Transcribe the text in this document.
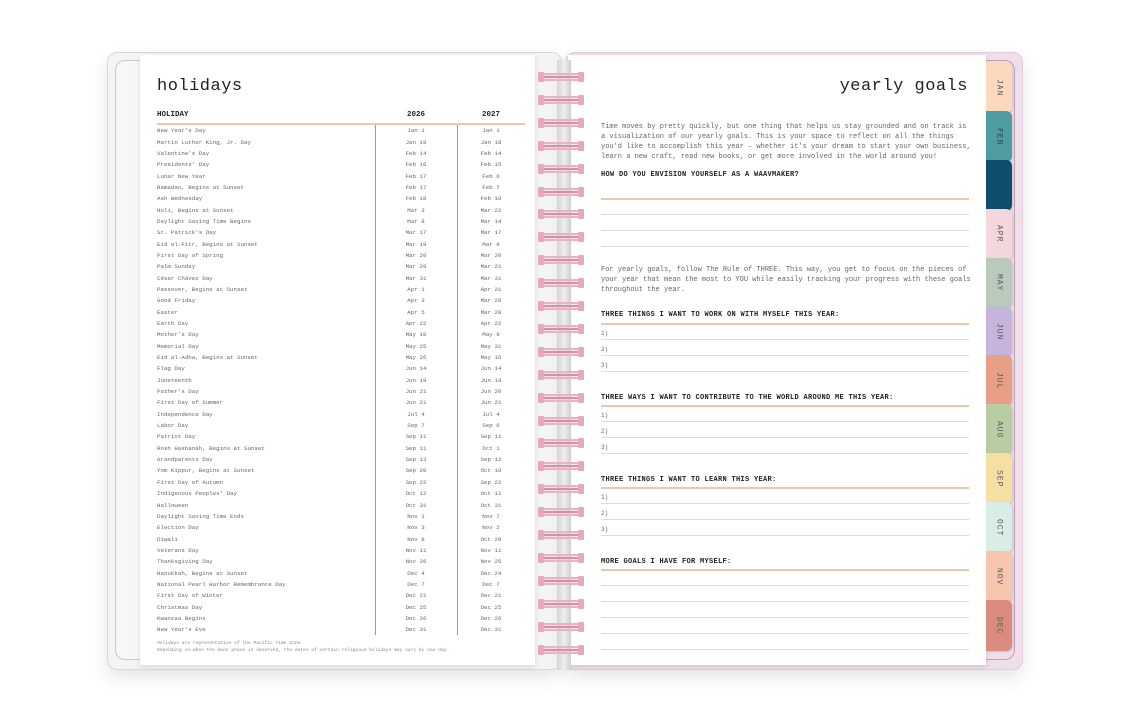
holidays
HOLIDAY	2026	2027
New Year's Day	Jan 1	Jan 1
Martin Luther King, Jr. Day	Jan 19	Jan 18
Valentine's Day	Feb 14	Feb 14
Presidents' Day	Feb 16	Feb 15
Lunar New Year	Feb 17	Feb 6
Ramadan, Begins at Sunset	Feb 17	Feb 7
Ash Wednesday	Feb 18	Feb 10
Holi, Begins at Sunset	Mar 3	Mar 22
Daylight Saving Time Begins	Mar 8	Mar 14
St. Patrick's Day	Mar 17	Mar 17
Eid al-Fitr, Begins at Sunset	Mar 19	Mar 9
First Day of Spring	Mar 20	Mar 20
Palm Sunday	Mar 29	Mar 21
César Chávez Day	Mar 31	Mar 31
Passover, Begins at Sunset	Apr 1	Apr 21
Good Friday	Apr 3	Mar 26
Easter	Apr 5	Mar 28
Earth Day	Apr 22	Apr 22
Mother's Day	May 10	May 9
Memorial Day	May 25	May 31
Eid al-Adha, Begins at Sunset	May 26	May 16
Flag Day	Jun 14	Jun 14
Juneteenth	Jun 19	Jun 19
Father's Day	Jun 21	Jun 20
First Day of Summer	Jun 21	Jun 21
Independence Day	Jul 4	Jul 4
Labor Day	Sep 7	Sep 6
Patriot Day	Sep 11	Sep 11
Rosh Hashanah, Begins at Sunset	Sep 11	Oct 1
Grandparents Day	Sep 13	Sep 12
Yom Kippur, Begins at Sunset	Sep 20	Oct 10
First Day of Autumn	Sep 22	Sep 22
Indigenous Peoples' Day	Oct 12	Oct 11
Halloween	Oct 31	Oct 31
Daylight Saving Time Ends	Nov 1	Nov 7
Election Day	Nov 3	Nov 2
Diwali	Nov 8	Oct 29
Veterans Day	Nov 11	Nov 11
Thanksgiving Day	Nov 26	Nov 25
Hanukkah, Begins at Sunset	Dec 4	Dec 24
National Pearl Harbor Remembrance Day	Dec 7	Dec 7
First Day of Winter	Dec 21	Dec 21
Christmas Day	Dec 25	Dec 25
Kwanzaa Begins	Dec 26	Dec 26
New Year's Eve	Dec 31	Dec 31
Holidays are representative of the Pacific Time Zone.
Depending on when the moon phase is observed, the dates of certain religious holidays may vary by one day.
yearly goals
Time moves by pretty quickly, but one thing that helps us stay grounded and on track is a visualization of our yearly goals. This is your space to reflect on all the things you'd like to accomplish this year – whether it's your dream to start your own business, learn a new craft, read new books, or get more involved in the world around you!
HOW DO YOU ENVISION YOURSELF AS A WAAVMAKER?
For yearly goals, follow The Rule of THREE. This way, you get to focus on the pieces of your year that mean the most to YOU while easily tracking your progress with these goals throughout the year.
THREE THINGS I WANT TO WORK ON WITH MYSELF THIS YEAR:
1)
2)
3)
THREE WAYS I WANT TO CONTRIBUTE TO THE WORLD AROUND ME THIS YEAR:
1)
2)
3)
THREE THINGS I WANT TO LEARN THIS YEAR:
1)
2)
3)
MORE GOALS I HAVE FOR MYSELF:
JAN
FEB
MAR
APR
MAY
JUN
JUL
AUG
SEP
OCT
NOV
DEC
